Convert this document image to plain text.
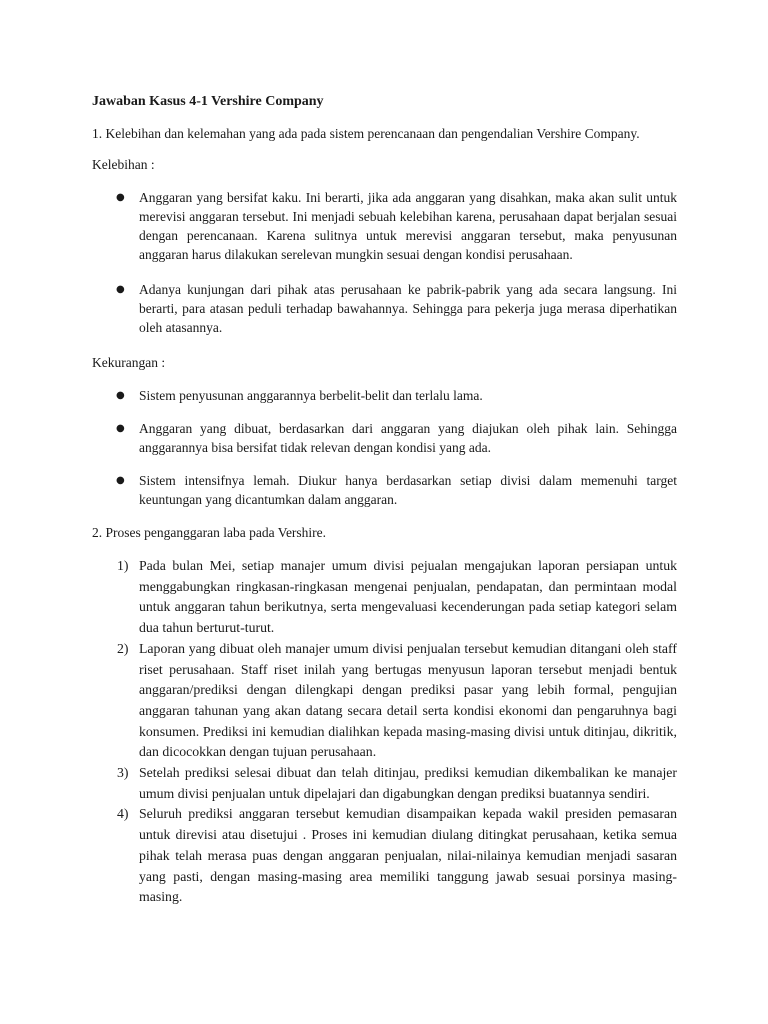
Jawaban Kasus 4-1 Vershire Company
1. Kelebihan dan kelemahan yang ada pada sistem perencanaan dan pengendalian Vershire Company.
Kelebihan :
● Anggaran yang bersifat kaku. Ini berarti, jika ada anggaran yang disahkan, maka akan sulit untuk merevisi anggaran tersebut. Ini menjadi sebuah kelebihan karena, perusahaan dapat berjalan sesuai dengan perencanaan. Karena sulitnya untuk merevisi anggaran tersebut, maka penyusunan anggaran harus dilakukan serelevan mungkin sesuai dengan kondisi perusahaan.
● Adanya kunjungan dari pihak atas perusahaan ke pabrik-pabrik yang ada secara langsung. Ini berarti, para atasan peduli terhadap bawahannya. Sehingga para pekerja juga merasa diperhatikan oleh atasannya.
Kekurangan :
● Sistem penyusunan anggarannya berbelit-belit dan terlalu lama.
● Anggaran yang dibuat, berdasarkan dari anggaran yang diajukan oleh pihak lain. Sehingga anggarannya bisa bersifat tidak relevan dengan kondisi yang ada.
● Sistem intensifnya lemah. Diukur hanya berdasarkan setiap divisi dalam memenuhi target keuntungan yang dicantumkan dalam anggaran.
2. Proses penganggaran laba pada Vershire.
1) Pada bulan Mei, setiap manajer umum divisi pejualan mengajukan laporan persiapan untuk menggabungkan ringkasan-ringkasan mengenai penjualan, pendapatan, dan permintaan modal untuk anggaran tahun berikutnya, serta mengevaluasi kecenderungan pada setiap kategori selam dua tahun berturut-turut.
2) Laporan yang dibuat oleh manajer umum divisi penjualan tersebut kemudian ditangani oleh staff riset perusahaan. Staff riset inilah yang bertugas menyusun laporan tersebut menjadi bentuk anggaran/prediksi dengan dilengkapi dengan prediksi pasar yang lebih formal, pengujian anggaran tahunan yang akan datang secara detail serta kondisi ekonomi dan pengaruhnya bagi konsumen. Prediksi ini kemudian dialihkan kepada masing-masing divisi untuk ditinjau, dikritik, dan dicocokkan dengan tujuan perusahaan.
3) Setelah prediksi selesai dibuat dan telah ditinjau, prediksi kemudian dikembalikan ke manajer umum divisi penjualan untuk dipelajari dan digabungkan dengan prediksi buatannya sendiri.
4) Seluruh prediksi anggaran tersebut kemudian disampaikan kepada wakil presiden pemasaran untuk direvisi atau disetujui . Proses ini kemudian diulang ditingkat perusahaan, ketika semua pihak telah merasa puas dengan anggaran penjualan, nilai-nilainya kemudian menjadi sasaran yang pasti, dengan masing-masing area memiliki tanggung jawab sesuai porsinya masing-masing.
